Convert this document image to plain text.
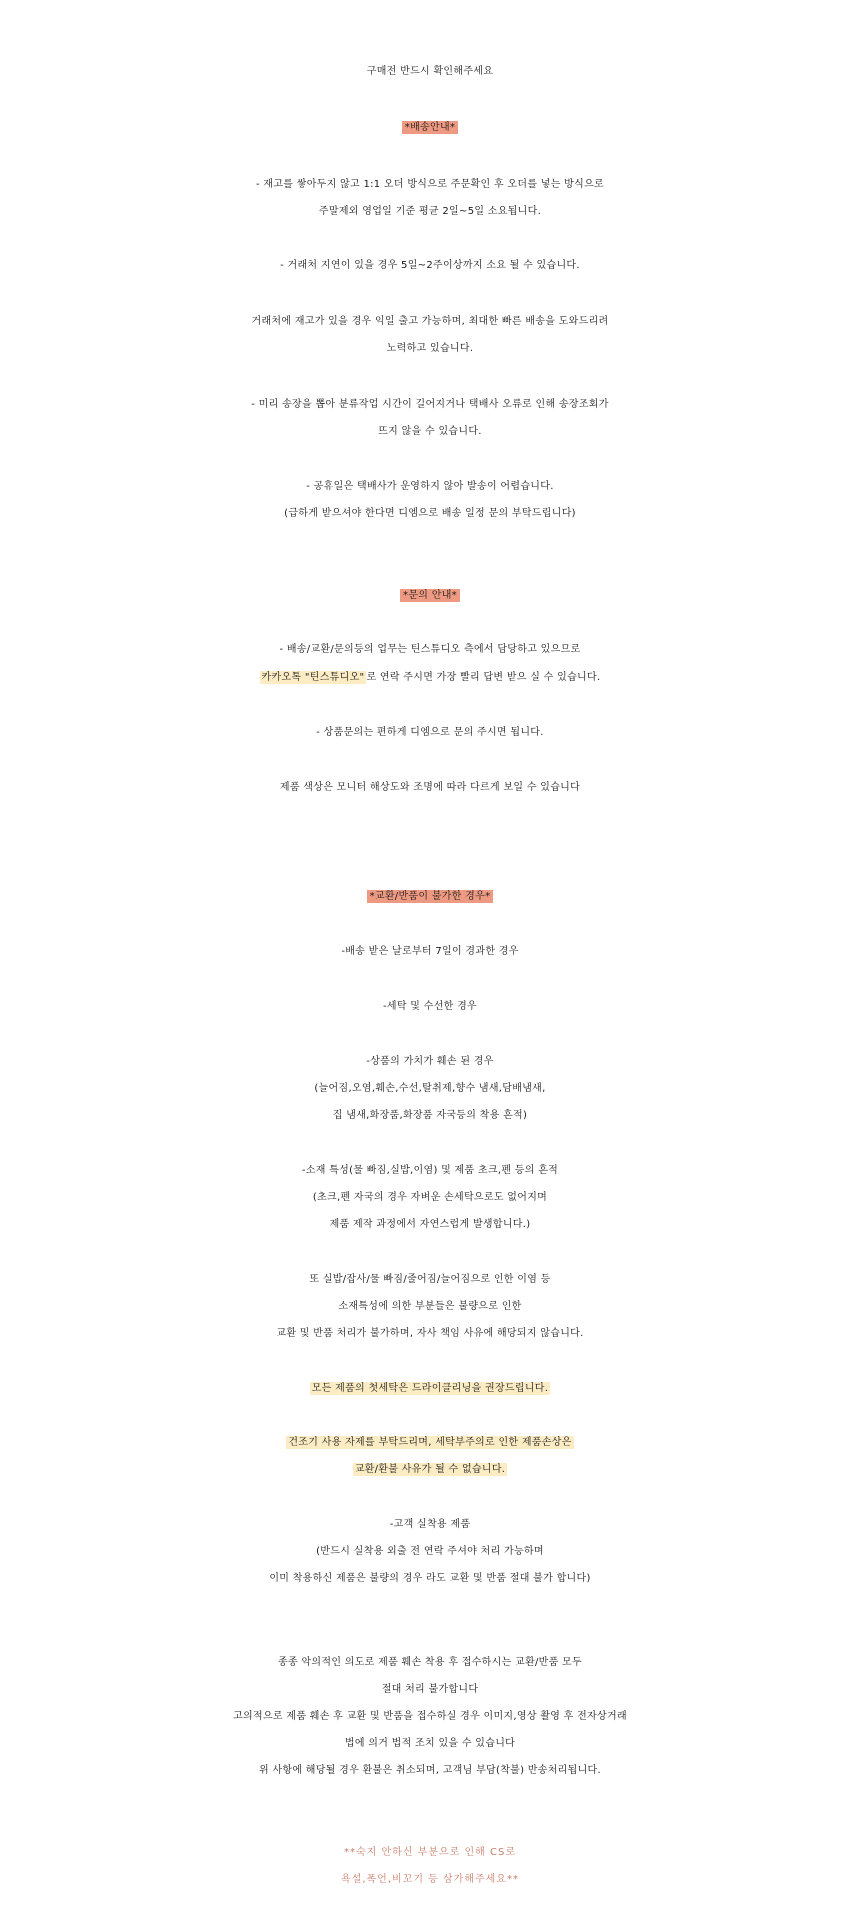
구매전 반드시 확인해주세요
*배송안내*
- 재고를 쌓아두지 않고 1:1 오더 방식으로 주문확인 후 오더를 넣는 방식으로
주말제외 영업일 기준 평균 2일~5일 소요됩니다.
- 거래처 지연이 있을 경우 5일~2주이상까지 소요 될 수 있습니다.
거래처에 재고가 있을 경우 익일 출고 가능하며, 최대한 빠른 배송을 도와드리려
노력하고 있습니다.
- 미리 송장을 뽑아 분류작업 시간이 길어지거나 택배사 오류로 인해 송장조회가
뜨지 않을 수 있습니다.
- 공휴일은 택배사가 운영하지 않아 발송이 어렵습니다.
(급하게 받으셔야 한다면 디엠으로 배송 일정 문의 부탁드립니다)
*문의 안내*
- 배송/교환/문의등의 업무는 틴스튜디오 측에서 담당하고 있으므로
카카오톡 "틴스튜디오" 로 연락 주시면 가장 빨리 답변 받으 실 수 있습니다.
- 상품문의는 편하게 디엠으로 문의 주시면 됩니다.
제품 색상은 모니터 해상도와 조명에 따라 다르게 보일 수 있습니다
*교환/반품이 불가한 경우*
-배송 받은 날로부터 7일이 경과한 경우
-세탁 및 수선한 경우
-상품의 가치가 훼손 된 경우
(늘어짐,오염,훼손,수선,탈취제,향수 냄새,담배냄새,
집 냄새,화장품,화장품 자국등의 착용 흔적)
-소재 특성(물 빠짐,실밥,이염) 및 제품 초크,펜 등의 흔적
(초크,펜 자국의 경우 자벼운 손세탁으로도 없어지며
제품 제작 과정에서 자연스럽게 발생합니다.)
또 실밥/잡사/물 빠짐/줄어짐/늘어짐으로 인한 이염 등
소재특성에 의한 부분들은 불량으로 인한
교환 및 반품 처리가 불가하며, 자사 책임 사유에 해당되지 않습니다.
모든 제품의 첫세탁은 드라이클리닝을 권장드립니다.
건조기 사용 자제를 부탁드리며, 세탁부주의로 인한 제품손상은
교환/환불 사유가 될 수 없습니다.
-고객 실착용 제품
(반드시 실착용 외출 전 연락 주셔야 처리 가능하며
이미 착용하신 제품은 불량의 경우 라도 교환 및 반품 절대 불가 합니다)
종종 악의적인 의도로 제품 훼손 착용 후 접수하시는 교환/반품 모두
절대 처리 불가합니다
고의적으로 제품 훼손 후 교환 및 반품을 접수하실 경우 이미지,영상 촬영 후 전자상거래
법에 의거 법적 조치 있을 수 있습니다
위 사항에 해당될 경우 환불은 취소되며, 고객님 부담(착불) 반송처리됩니다.
**숙지 안하신 부분으로 인해 CS로
욕설,폭언,비꼬기 등 삼가해주세요**
